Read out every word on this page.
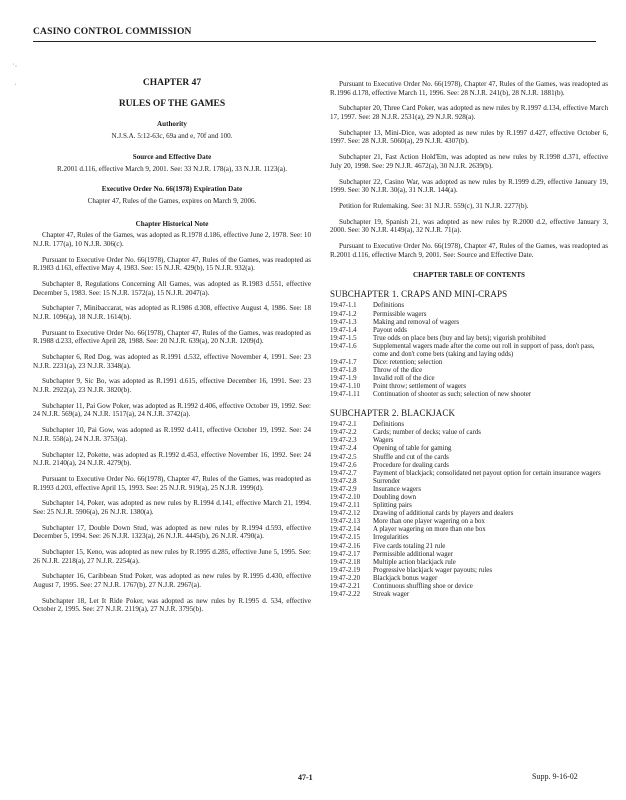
CASINO CONTROL COMMISSION
˙·
ˌ	CHAPTER 47
RULES OF THE GAMES
Authority
N.J.S.A. 5:12-63c, 69a and e, 70f and 100.
Source and Effective Date
R.2001 d.116, effective March 9, 2001. See: 33 N.J.R. 178(a), 33 N.J.R. 1123(a).
Executive Order No. 66(1978) Expiration Date
Chapter 47, Rules of the Games, expires on March 9, 2006.
Chapter Historical Note
Chapter 47, Rules of the Games, was adopted as R.1978 d.186, effective June 2, 1978. See: 10 N.J.R. 177(a), 10 N.J.R. 306(c).
Pursuant to Executive Order No. 66(1978), Chapter 47, Rules of the Games, was readopted as R.1983 d.163, effective May 4, 1983. See: 15 N.J.R. 429(b), 15 N.J.R. 932(a).
Subchapter 8, Regulations Concerning All Games, was adopted as R.1983 d.551, effective December 5, 1983. See: 15 N.J.R. 1572(a), 15 N.J.R. 2047(a).
Subchapter 7, Minibaccarat, was adopted as R.1986 d.308, effective August 4, 1986. See: 18 N.J.R. 1096(a), 18 N.J.R. 1614(b).
Pursuant to Executive Order No. 66(1978), Chapter 47, Rules of the Games, was readopted as R.1988 d.233, effective April 28, 1988. See: 20 N.J.R. 639(a), 20 N.J.R. 1209(d).
Subchapter 6, Red Dog, was adopted as R.1991 d.532, effective November 4, 1991. See: 23 N.J.R. 2231(a), 23 N.J.R. 3348(a).
Subchapter 9, Sic Bo, was adopted as R.1991 d.615, effective December 16, 1991. See: 23 N.J.R. 2922(a), 23 N.J.R. 3820(b).
Subchapter 11, Pai Gow Poker, was adopted as R.1992 d.406, effective October 19, 1992. See: 24 N.J.R. 569(a), 24 N.J.R. 1517(a), 24 N.J.R. 3742(a).
Subchapter 10, Pai Gow, was adopted as R.1992 d.411, effective October 19, 1992. See: 24 N.J.R. 558(a), 24 N.J.R. 3753(a).
Subchapter 12, Pokette, was adopted as R.1992 d.453, effective November 16, 1992. See: 24 N.J.R. 2140(a), 24 N.J.R. 4279(b).
Pursuant to Executive Order No. 66(1978), Chapter 47, Rules of the Games, was readopted as R.1993 d.203, effective April 15, 1993. See: 25 N.J.R. 919(a), 25 N.J.R. 1999(d).
Subchapter 14, Poker, was adopted as new rules by R.1994 d.141, effective March 21, 1994. See: 25 N.J.R. 5906(a), 26 N.J.R. 1380(a).
Subchapter 17, Double Down Stud, was adopted as new rules by R.1994 d.593, effective December 5, 1994. See: 26 N.J.R. 1323(a), 26 N.J.R. 4445(b), 26 N.J.R. 4790(a).
Subchapter 15, Keno, was adopted as new rules by R.1995 d.285, effective June 5, 1995. See: 26 N.J.R. 2218(a), 27 N.J.R. 2254(a).
Subchapter 16, Caribbean Stud Poker, was adopted as new rules by R.1995 d.430, effective August 7, 1995. See: 27 N.J.R. 1767(b), 27 N.J.R. 2967(a).
Subchapter 18, Let It Ride Poker, was adopted as new rules by R.1995 d. 534, effective October 2, 1995. See: 27 N.J.R. 2119(a), 27 N.J.R. 3795(b).
Pursuant to Executive Order No. 66(1978), Chapter 47, Rules of the Games, was readopted as R.1996 d.178, effective March 11, 1996. See: 28 N.J.R. 241(b), 28 N.J.R. 1881(b).
Subchapter 20, Three Card Poker, was adopted as new rules by R.1997 d.134, effective March 17, 1997. See: 28 N.J.R. 2531(a), 29 N.J.R. 928(a).
Subchapter 13, Mini-Dice, was adopted as new rules by R.1997 d.427, effective October 6, 1997. See: 28 N.J.R. 5060(a), 29 N.J.R. 4307(b).
Subchapter 21, Fast Action Hold'Em, was adopted as new rules by R.1998 d.371, effective July 20, 1998. See: 29 N.J.R. 4672(a), 30 N.J.R. 2639(b).
Subchapter 22, Casino War, was adopted as new rules by R.1999 d.29, effective January 19, 1999. See: 30 N.J.R. 30(a), 31 N.J.R. 144(a).
Petition for Rulemaking. See: 31 N.J.R. 559(c), 31 N.J.R. 2277(b).
Subchapter 19, Spanish 21, was adopted as new rules by R.2000 d.2, effective January 3, 2000. See: 30 N.J.R. 4149(a), 32 N.J.R. 71(a).
Pursuant to Executive Order No. 66(1978), Chapter 47, Rules of the Games, was readopted as R.2001 d.116, effective March 9, 2001. See: Source and Effective Date.
CHAPTER TABLE OF CONTENTS
SUBCHAPTER 1. CRAPS AND MINI-CRAPS
19:47-1.1	Definitions
19:47-1.2	Permissible wagers
19:47-1.3	Making and removal of wagers
19:47-1.4	Payout odds
19:47-1.5	True odds on place bets (buy and lay bets); vigorish prohibited
19:47-1.6	Supplemental wagers made after the come out roll in support of pass, don't pass, come and don't come bets (taking and laying odds)
19:47-1.7	Dice: retention; selection
19:47-1.8	Throw of the dice
19:47-1.9	Invalid roll of the dice
19:47-1.10	Point throw; settlement of wagers
19:47-1.11	Continuation of shooter as such; selection of new shooter
SUBCHAPTER 2. BLACKJACK
19:47-2.1	Definitions
19:47-2.2	Cards; number of decks; value of cards
19:47-2.3	Wagers
19:47-2.4	Opening of table for gaming
19:47-2.5	Shuffle and cut of the cards
19:47-2.6	Procedure for dealing cards
19:47-2.7	Payment of blackjack; consolidated net payout option for certain insurance wagers
19:47-2.8	Surrender
19:47-2.9	Insurance wagers
19:47-2.10	Doubling down
19:47-2.11	Splitting pairs
19:47-2.12	Drawing of additional cards by players and dealers
19:47-2.13	More than one player wagering on a box
19:47-2.14	A player wagering on more than one box
19:47-2.15	Irregularities
19:47-2.16	Five cards totaling 21 rule
19:47-2.17	Permissible additional wager
19:47-2.18	Multiple action blackjack rule
19:47-2.19	Progressive blackjack wager payouts; rules
19:47-2.20	Blackjack bonus wager
19:47-2.21	Continuous shuffling shoe or device
19:47-2.22	Streak wager
47-1	Supp. 9-16-02
